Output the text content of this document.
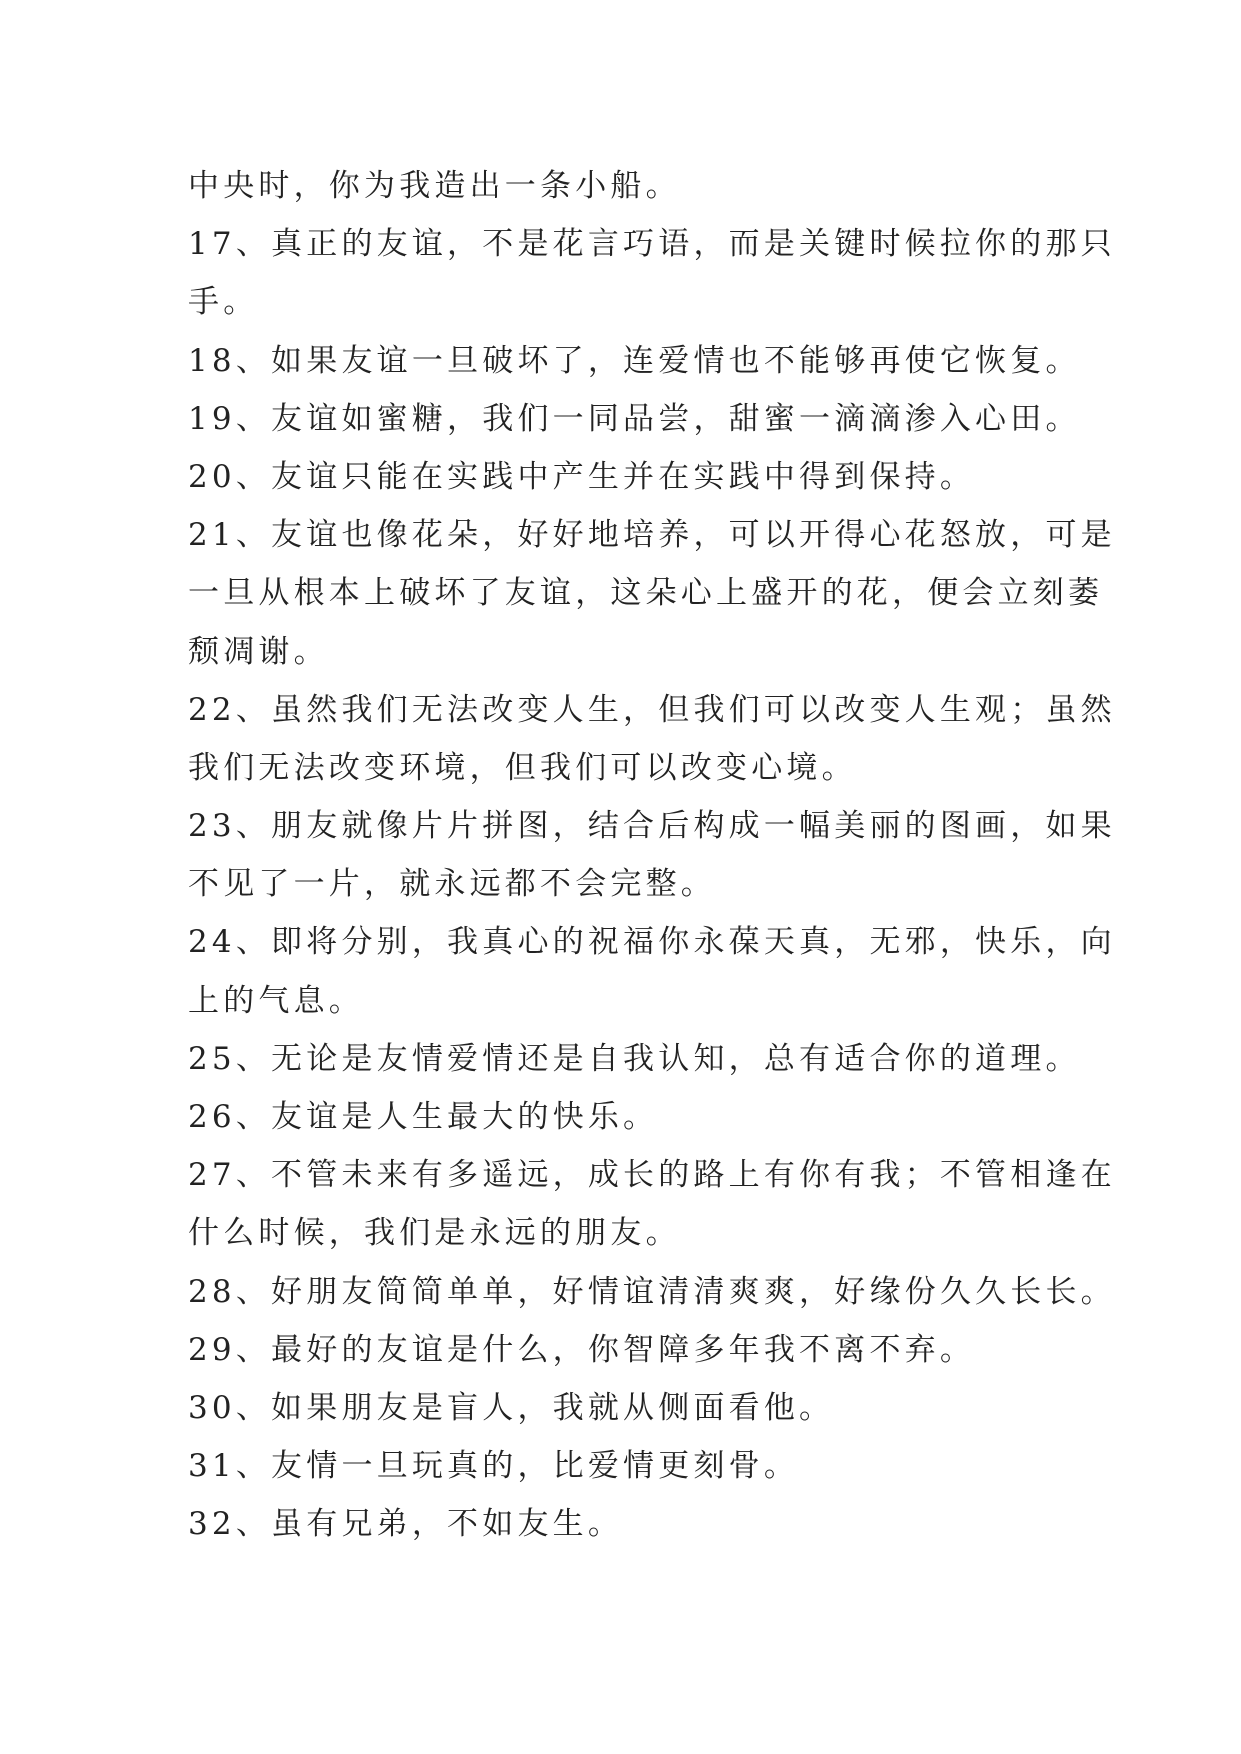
中央时，你为我造出一条小船。
17、真正的友谊，不是花言巧语，而是关键时候拉你的那只
手。
18、如果友谊一旦破坏了，连爱情也不能够再使它恢复。
19、友谊如蜜糖，我们一同品尝，甜蜜一滴滴渗入心田。
20、友谊只能在实践中产生并在实践中得到保持。
21、友谊也像花朵，好好地培养，可以开得心花怒放，可是
一旦从根本上破坏了友谊，这朵心上盛开的花，便会立刻萎
颓凋谢。
22、虽然我们无法改变人生，但我们可以改变人生观；虽然
我们无法改变环境，但我们可以改变心境。
23、朋友就像片片拼图，结合后构成一幅美丽的图画，如果
不见了一片，就永远都不会完整。
24、即将分别，我真心的祝福你永葆天真，无邪，快乐，向
上的气息。
25、无论是友情爱情还是自我认知，总有适合你的道理。
26、友谊是人生最大的快乐。
27、不管未来有多遥远，成长的路上有你有我；不管相逢在
什么时候，我们是永远的朋友。
28、好朋友简简单单，好情谊清清爽爽，好缘份久久长长。
29、最好的友谊是什么，你智障多年我不离不弃。
30、如果朋友是盲人，我就从侧面看他。
31、友情一旦玩真的，比爱情更刻骨。
32、虽有兄弟，不如友生。
